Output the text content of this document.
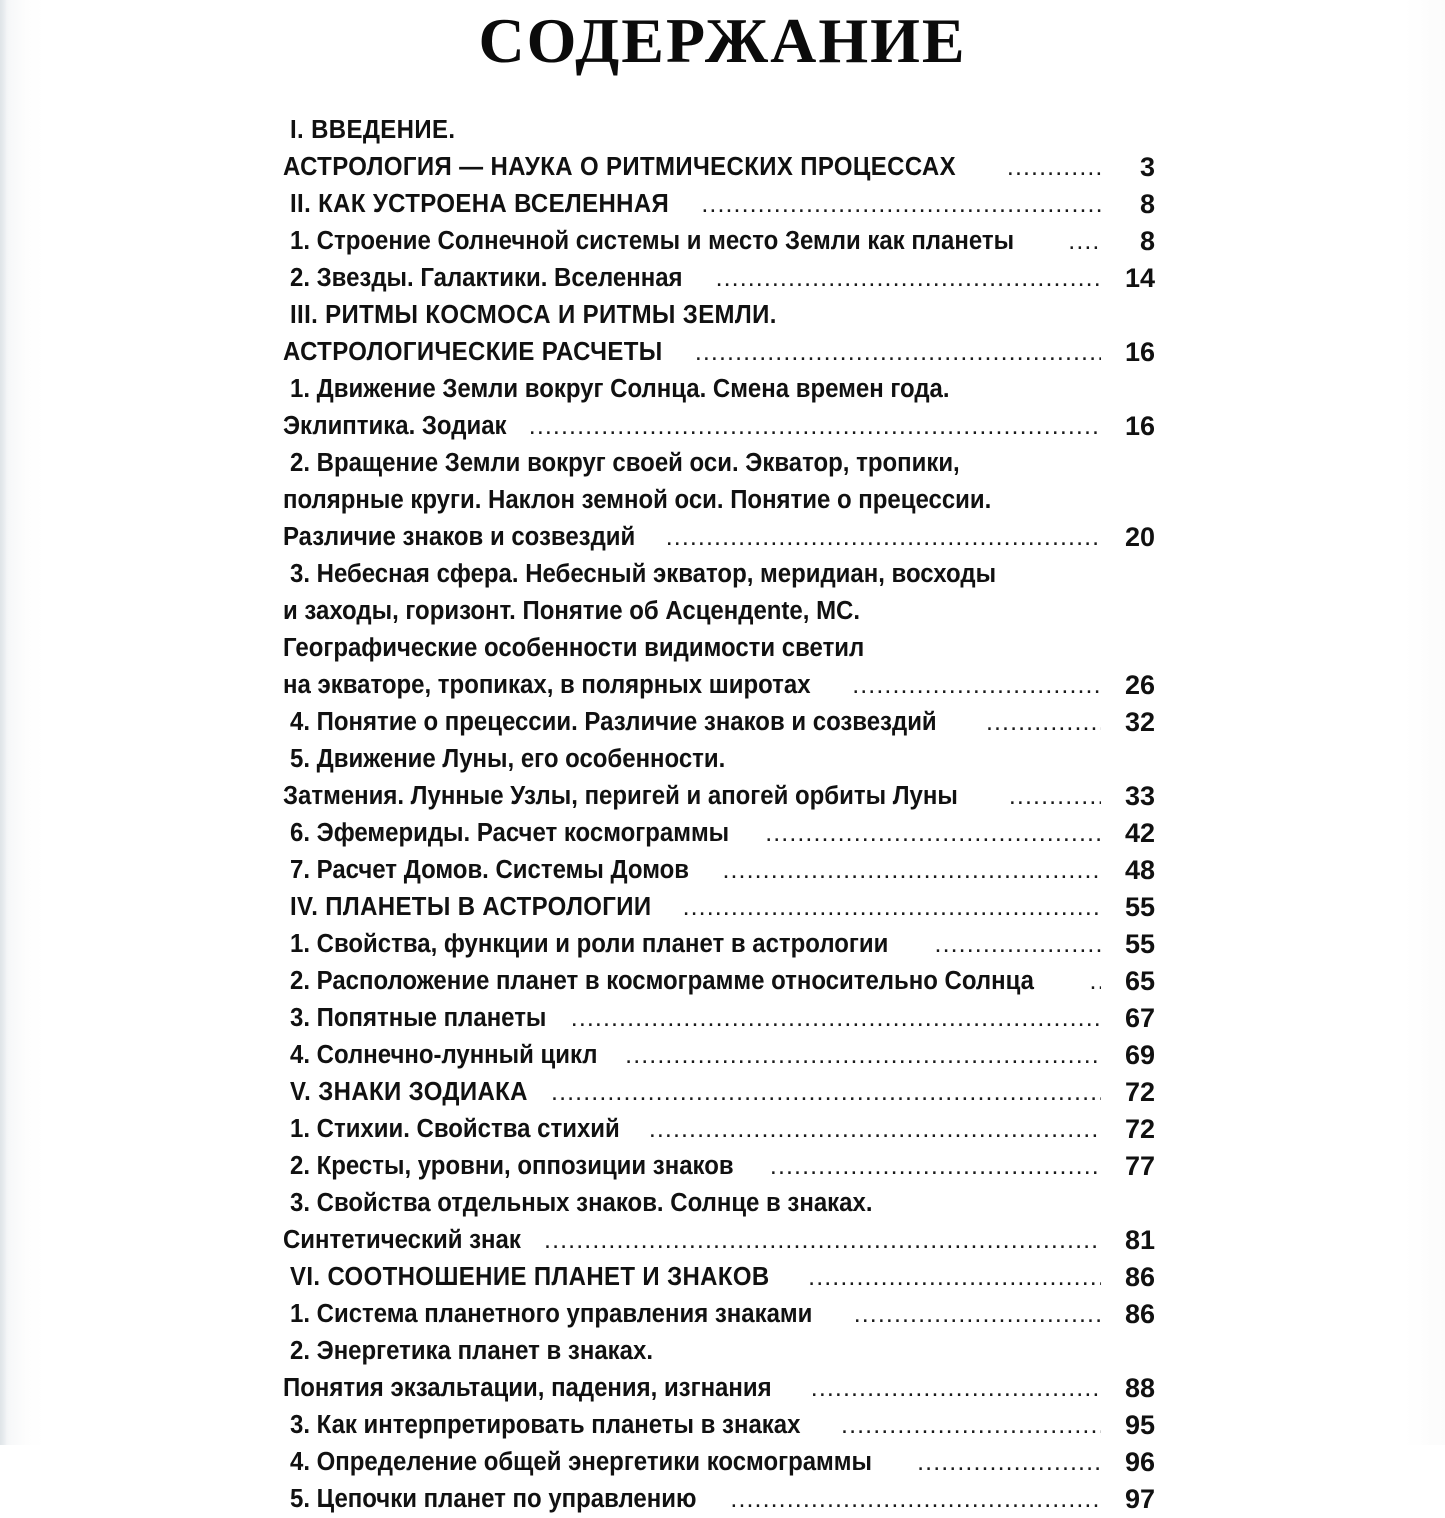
СОДЕРЖАНИЕ
I. ВВЕДЕНИЕ.
АСТРОЛОГИЯ — НАУКА О РИТМИЧЕСКИХ ПРОЦЕССАХ .....	3
II. КАК УСТРОЕНА ВСЕЛЕННАЯ .....	8
1. Строение Солнечной системы и место Земли как планеты .....	8
2. Звезды. Галактики. Вселенная .....	14
III. РИТМЫ КОСМОСА И РИТМЫ ЗЕМЛИ.
АСТРОЛОГИЧЕСКИЕ РАСЧЕТЫ .....	16
1. Движение Земли вокруг Солнца. Смена времен года.
Эклиптика. Зодиак .....	16
2. Вращение Земли вокруг своей оси. Экватор, тропики,
полярные круги. Наклон земной оси. Понятие о прецессии.
Различие знаков и созвездий .....	20
3. Небесная сфера. Небесный экватор, меридиан, восходы
и заходы, горизонт. Понятие об Асцендente, МС.
Географические особенности видимости светил
на экваторе, тропиках, в полярных широтах .....	26
4. Понятие о прецессии. Различие знаков и созвездий .....	32
5. Движение Луны, его особенности.
Затмения. Лунные Узлы, перигей и апогей орбиты Луны .....	33
6. Эфемериды. Расчет космограммы .....	42
7. Расчет Домов. Системы Домов .....	48
IV. ПЛАНЕТЫ В АСТРОЛОГИИ .....	55
1. Свойства, функции и роли планет в астрологии .....	55
2. Расположение планет в космограмме относительно Солнца .....	65
3. Попятные планеты .....	67
4. Солнечно-лунный цикл .....	69
V. ЗНАКИ ЗОДИАКА .....	72
1. Стихии. Свойства стихий .....	72
2. Кресты, уровни, оппозиции знаков .....	77
3. Свойства отдельных знаков. Солнце в знаках.
Синтетический знак .....	81
VI. СООТНОШЕНИЕ ПЛАНЕТ И ЗНАКОВ .....	86
1. Система планетного управления знаками .....	86
2. Энергетика планет в знаках.
Понятия экзальтации, падения, изгнания .....	88
3. Как интерпретировать планеты в знаках .....	95
4. Определение общей энергетики космограммы .....	96
5. Цепочки планет по управлению .....	97
